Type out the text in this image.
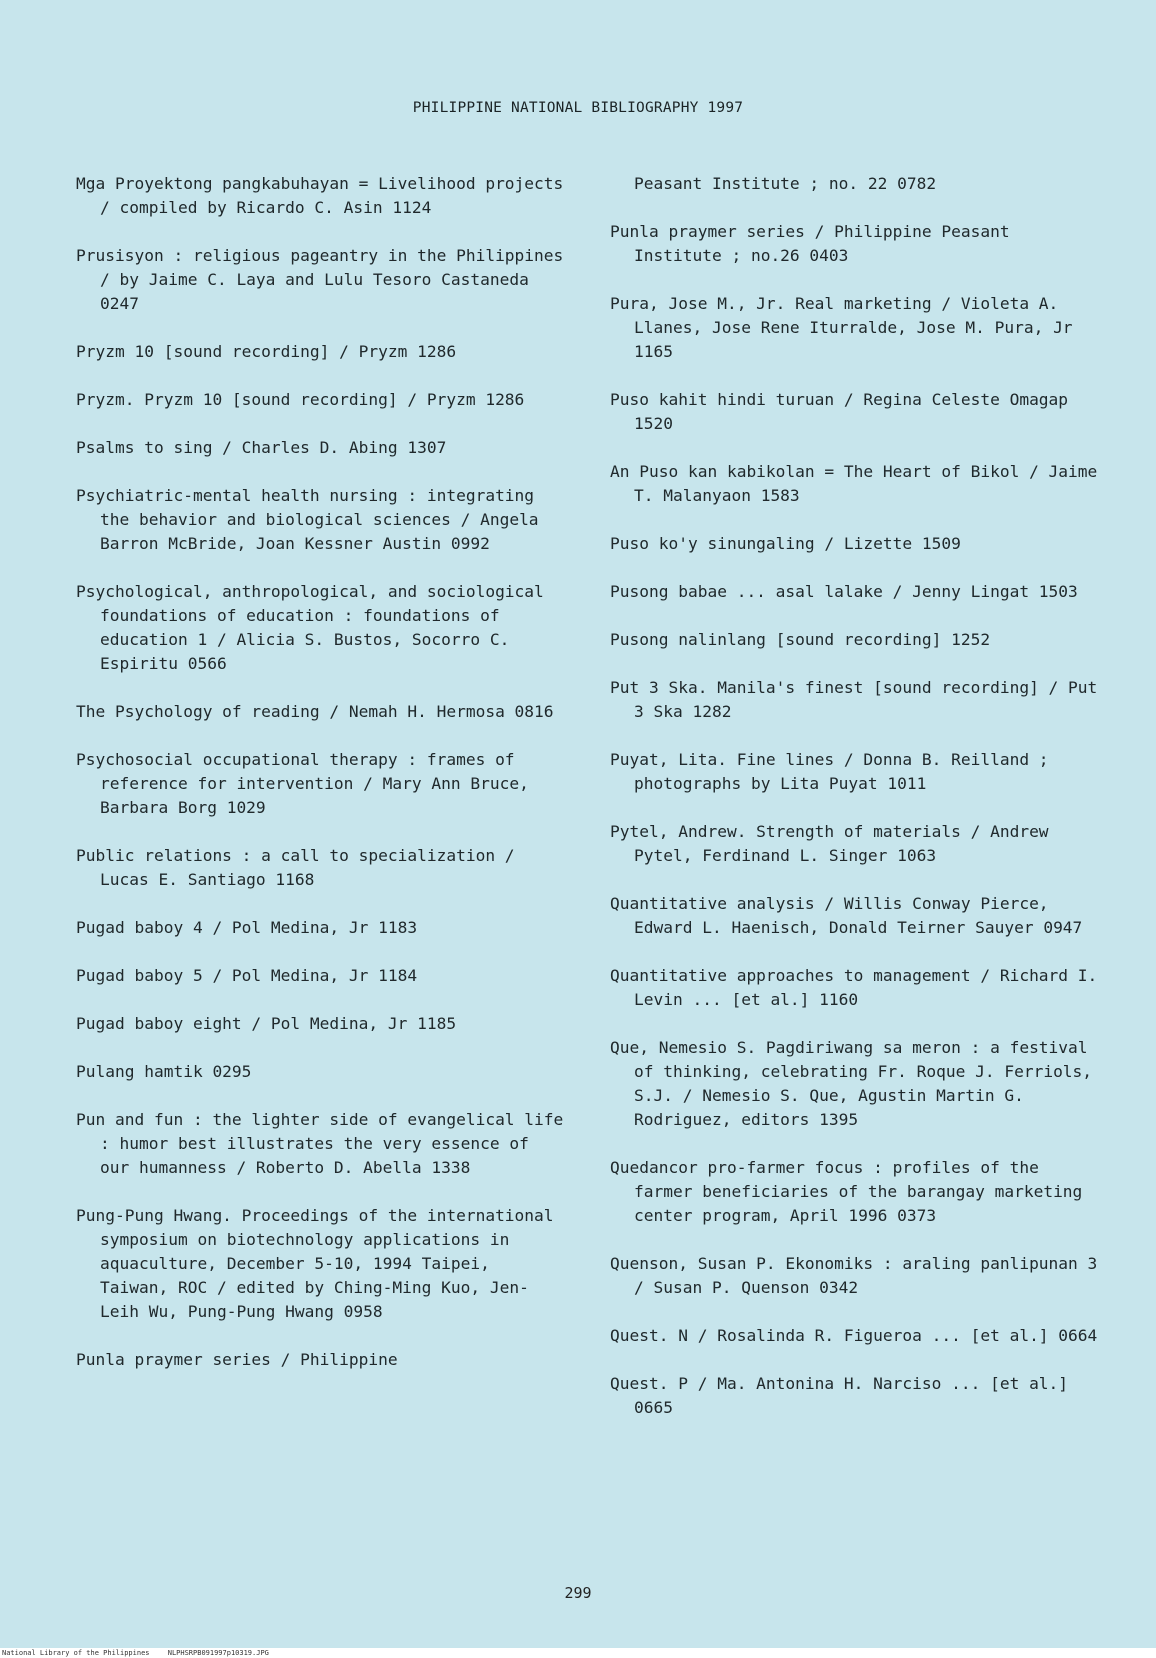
PHILIPPINE NATIONAL BIBLIOGRAPHY 1997
Mga Proyektong pangkabuhayan = Livelihood projects / compiled by Ricardo C. Asin 1124
Prusisyon : religious pageantry in the Philippines / by Jaime C. Laya and Lulu Tesoro Castaneda 0247
Pryzm 10 [sound recording] / Pryzm 1286
Pryzm. Pryzm 10 [sound recording] / Pryzm 1286
Psalms to sing / Charles D. Abing 1307
Psychiatric-mental health nursing : integrating the behavior and biological sciences / Angela Barron McBride, Joan Kessner Austin 0992
Psychological, anthropological, and sociological foundations of education : foundations of education 1 / Alicia S. Bustos, Socorro C. Espiritu 0566
The Psychology of reading / Nemah H. Hermosa 0816
Psychosocial occupational therapy : frames of reference for intervention / Mary Ann Bruce, Barbara Borg 1029
Public relations : a call to specialization / Lucas E. Santiago 1168
Pugad baboy 4 / Pol Medina, Jr 1183
Pugad baboy 5 / Pol Medina, Jr 1184
Pugad baboy eight / Pol Medina, Jr 1185
Pulang hamtik 0295
Pun and fun : the lighter side of evangelical life : humor best illustrates the very essence of our humanness / Roberto D. Abella 1338
Pung-Pung Hwang. Proceedings of the international symposium on biotechnology applications in aquaculture, December 5-10, 1994 Taipei, Taiwan, ROC / edited by Ching-Ming Kuo, Jen-Leih Wu, Pung-Pung Hwang 0958
Punla praymer series / Philippine
Peasant Institute ; no. 22 0782
Punla praymer series / Philippine Peasant Institute ; no.26 0403
Pura, Jose M., Jr. Real marketing / Violeta A. Llanes, Jose Rene Iturralde, Jose M. Pura, Jr 1165
Puso kahit hindi turuan / Regina Celeste Omagap 1520
An Puso kan kabikolan = The Heart of Bikol / Jaime T. Malanyaon 1583
Puso ko'y sinungaling / Lizette 1509
Pusong babae ... asal lalake / Jenny Lingat 1503
Pusong nalinlang [sound recording] 1252
Put 3 Ska. Manila's finest [sound recording] / Put 3 Ska 1282
Puyat, Lita. Fine lines / Donna B. Reilland ; photographs by Lita Puyat 1011
Pytel, Andrew. Strength of materials / Andrew Pytel, Ferdinand L. Singer 1063
Quantitative analysis / Willis Conway Pierce, Edward L. Haenisch, Donald Teirner Sauyer 0947
Quantitative approaches to management / Richard I. Levin ... [et al.] 1160
Que, Nemesio S. Pagdiriwang sa meron : a festival of thinking, celebrating Fr. Roque J. Ferriols, S.J. / Nemesio S. Que, Agustin Martin G. Rodriguez, editors 1395
Quedancor pro-farmer focus : profiles of the farmer beneficiaries of the barangay marketing center program, April 1996 0373
Quenson, Susan P. Ekonomiks : araling panlipunan 3 / Susan P. Quenson 0342
Quest. N / Rosalinda R. Figueroa ... [et al.] 0664
Quest. P / Ma. Antonina H. Narciso ... [et al.] 0665
299
National Library of the Philippines	NLPHSRPB091997p10319.JPG
